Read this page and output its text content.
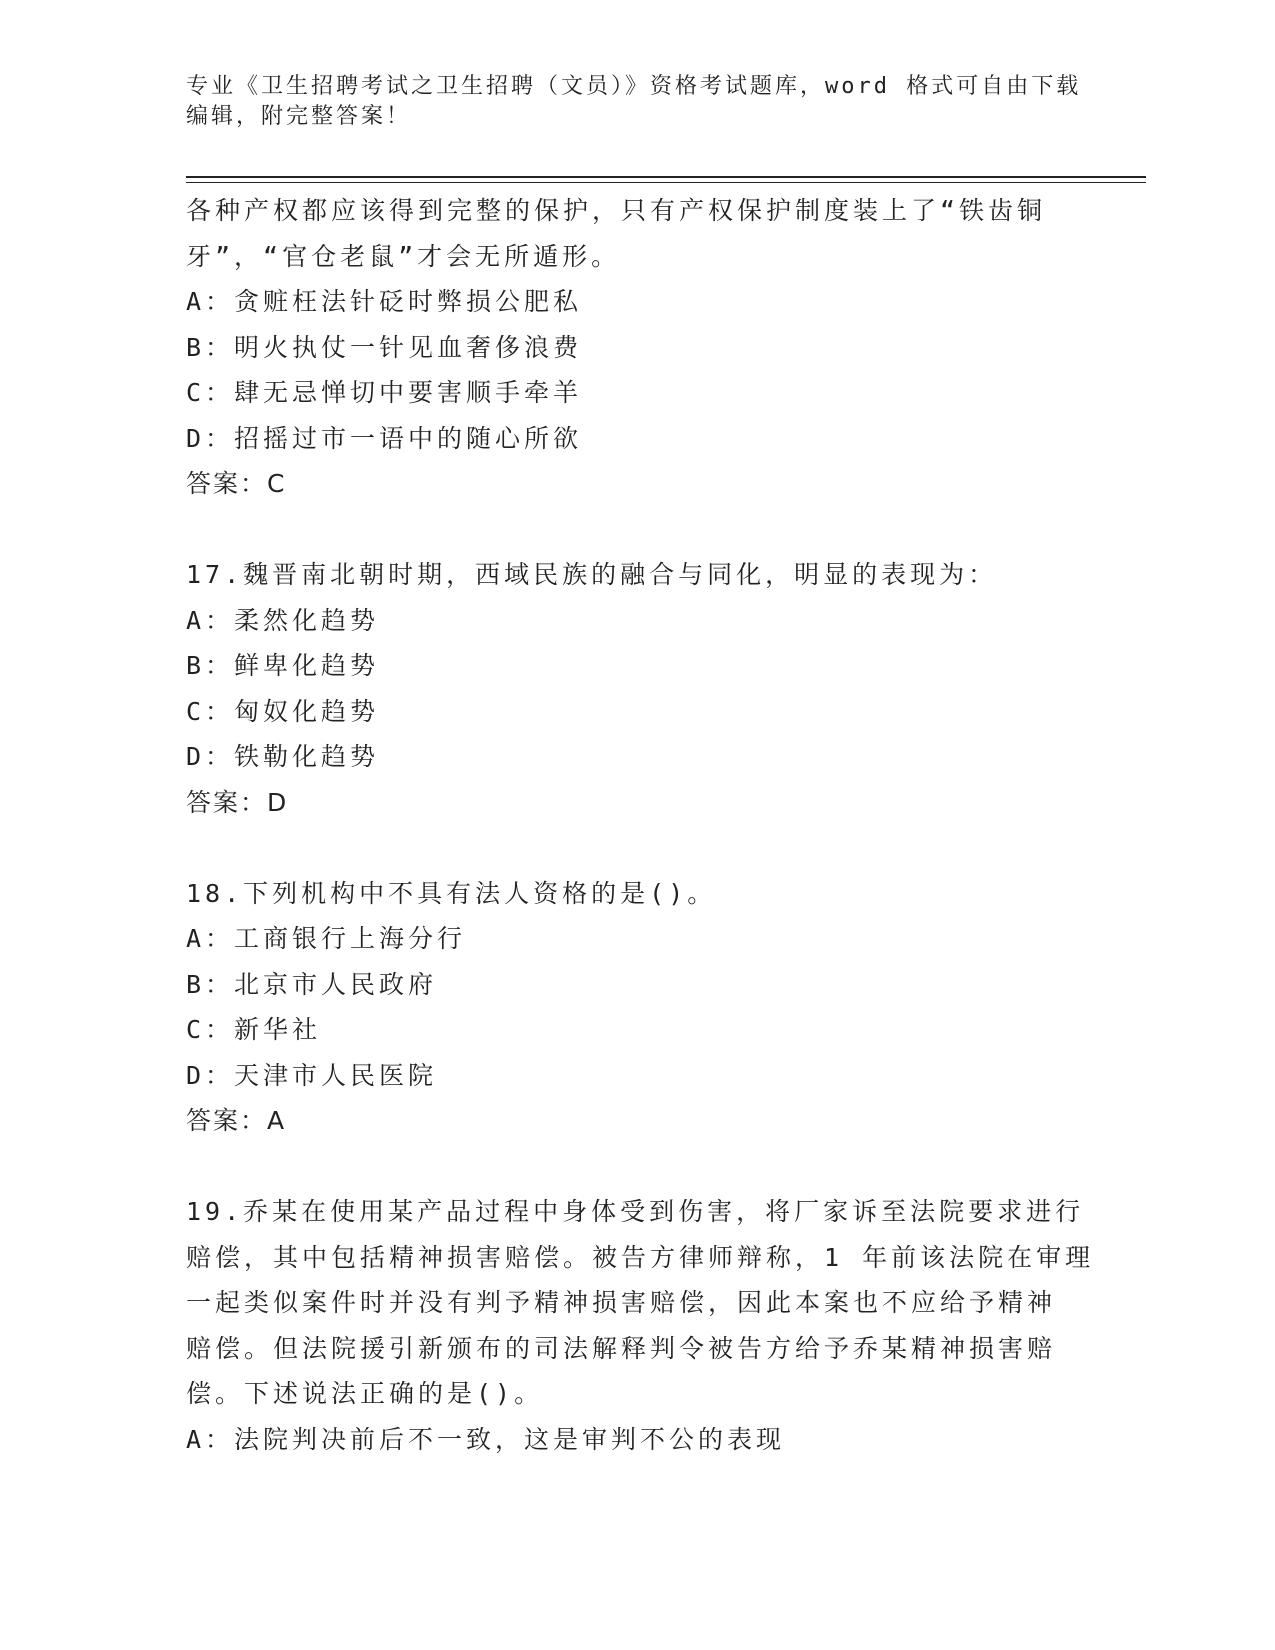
专业《卫生招聘考试之卫生招聘（文员）》资格考试题库，word 格式可自由下载

编辑，附完整答案！

各种产权都应该得到完整的保护，只有产权保护制度装上了“铁齿铜

牙”，“官仓老鼠”才会无所遁形。

A：贪赃枉法针砭时弊损公肥私

B：明火执仗一针见血奢侈浪费

C：肆无忌惮切中要害顺手牵羊

D：招摇过市一语中的随心所欲

答案：C

17.魏晋南北朝时期，西域民族的融合与同化，明显的表现为：

A：柔然化趋势

B：鲜卑化趋势

C：匈奴化趋势

D：铁勒化趋势

答案：D

18.下列机构中不具有法人资格的是()。

A：工商银行上海分行

B：北京市人民政府

C：新华社

D：天津市人民医院

答案：A

19.乔某在使用某产品过程中身体受到伤害，将厂家诉至法院要求进行

赔偿，其中包括精神损害赔偿。被告方律师辩称，1 年前该法院在审理

一起类似案件时并没有判予精神损害赔偿，因此本案也不应给予精神

赔偿。但法院援引新颁布的司法解释判令被告方给予乔某精神损害赔

偿。下述说法正确的是()。

A：法院判决前后不一致，这是审判不公的表现
